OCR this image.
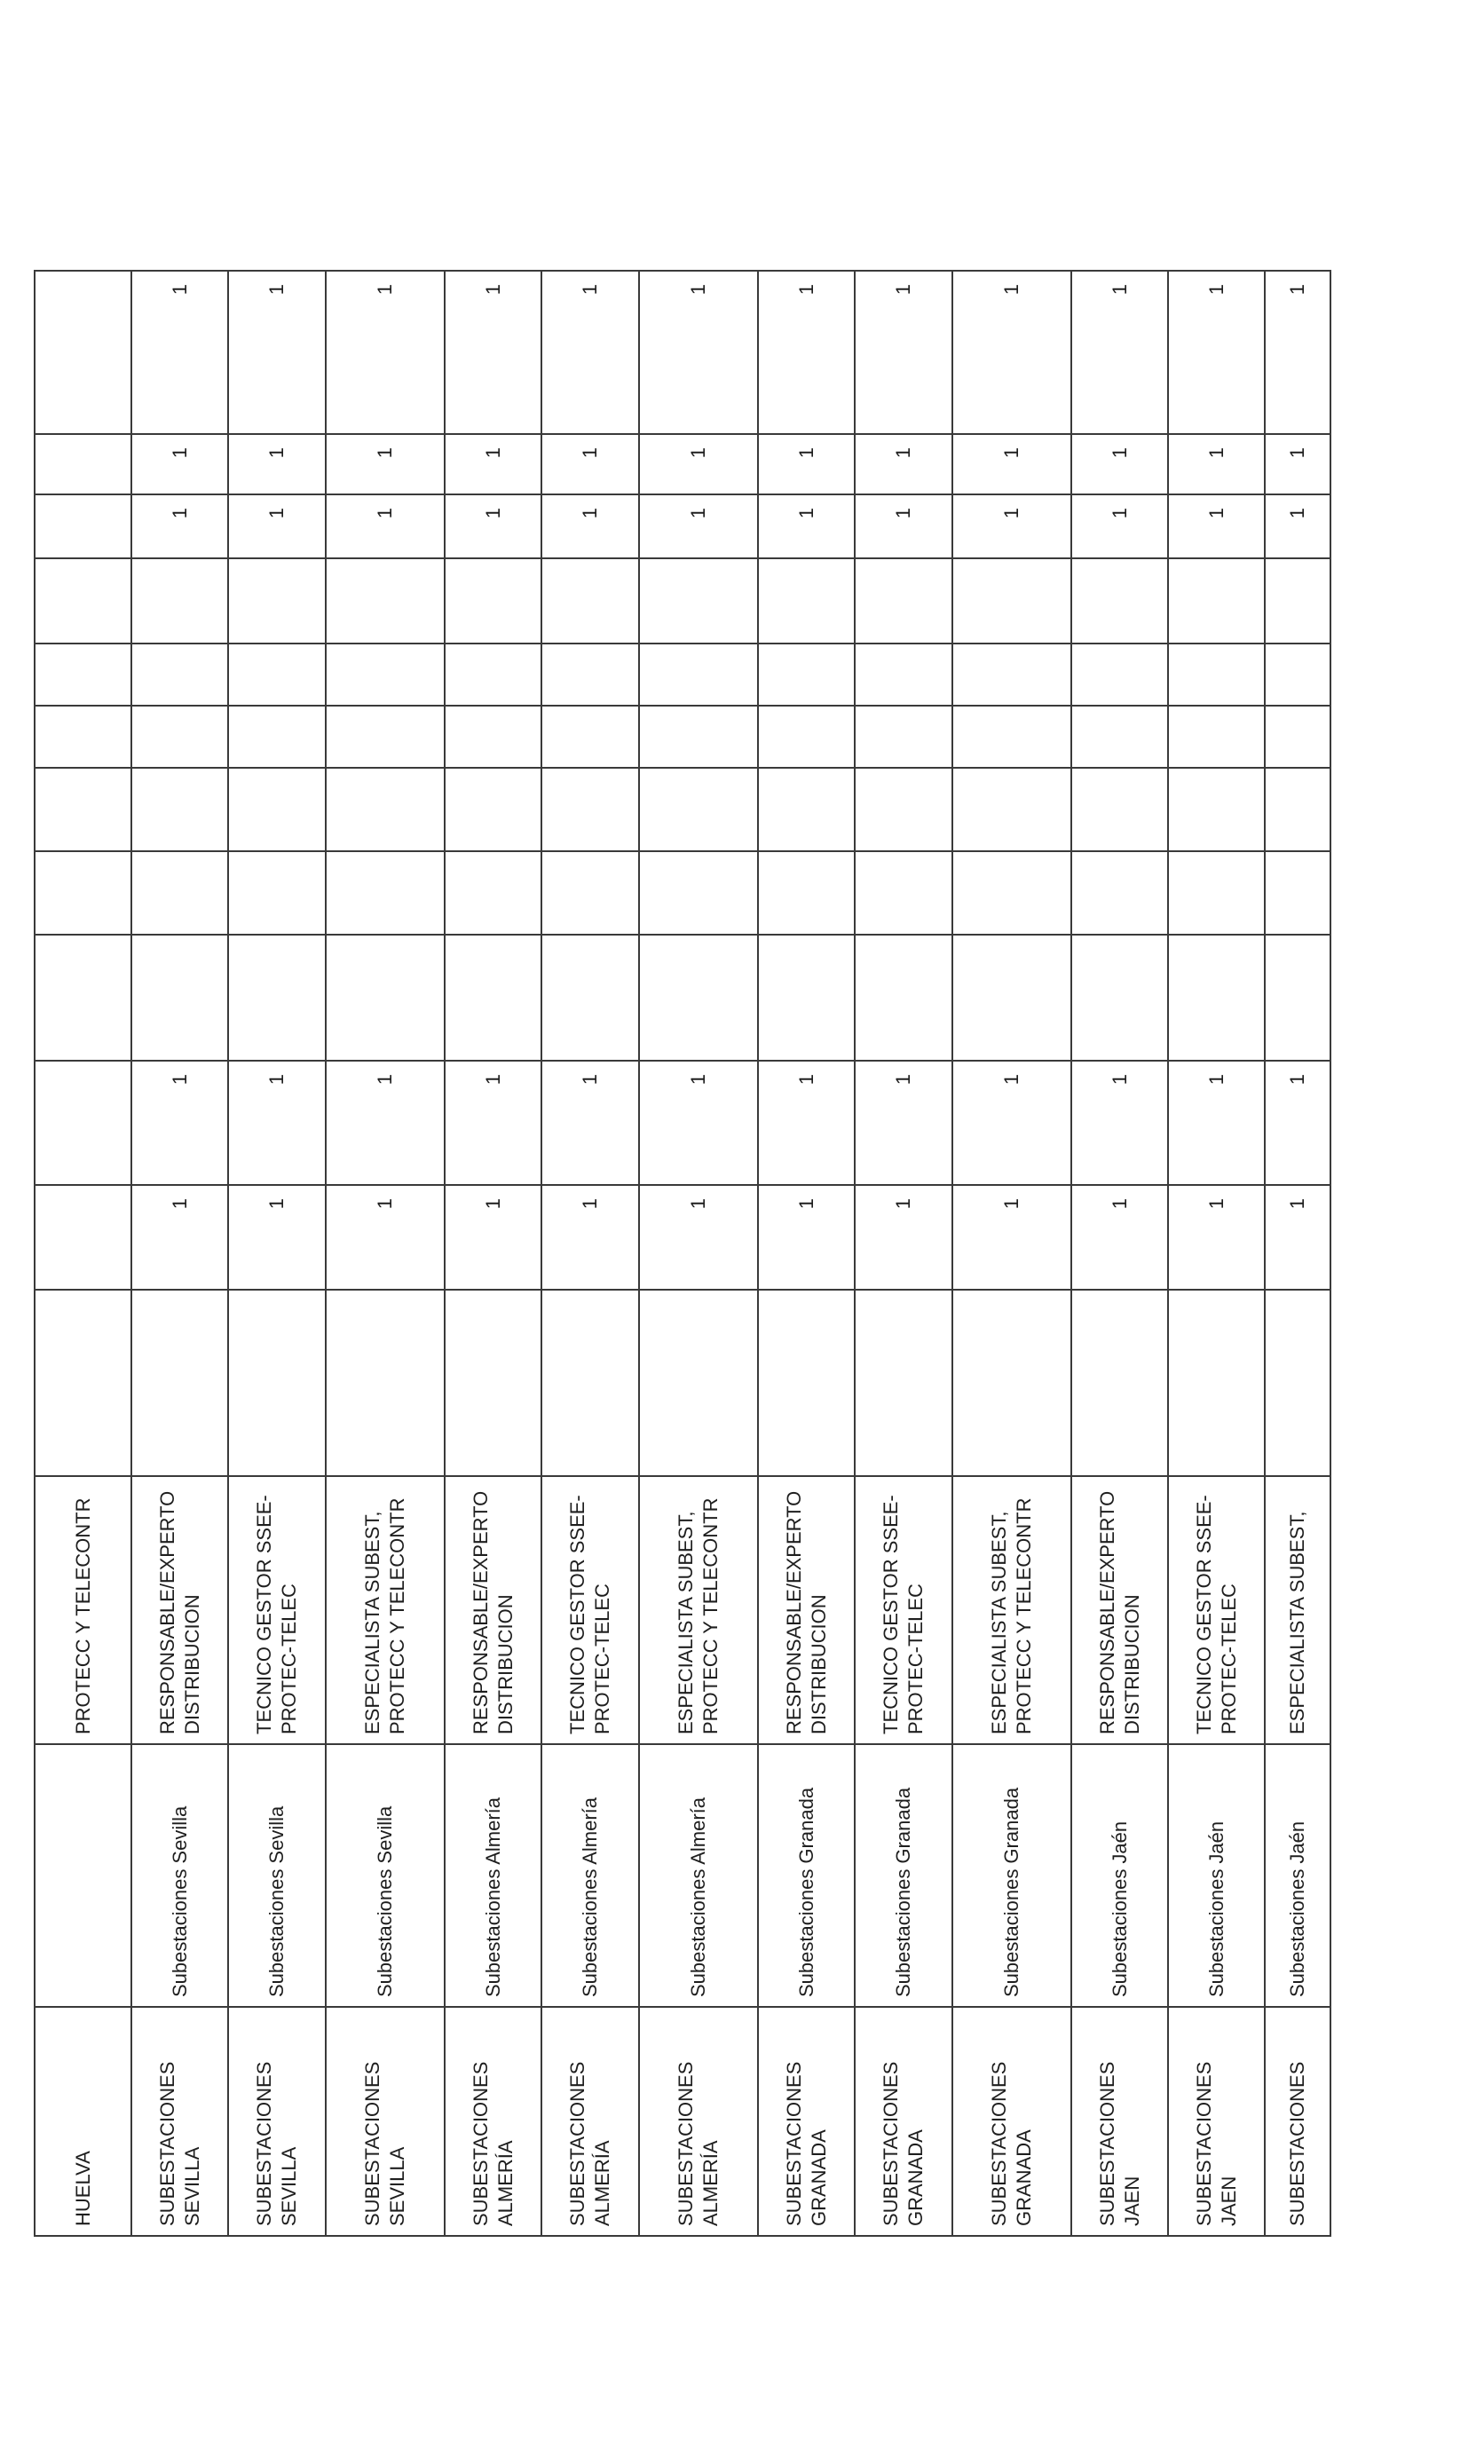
HUELVA		PROTECC Y TELECONTR												
SUBESTACIONES SEVILLA	Subestaciones Sevilla	RESPONSABLE/EXPERTO DISTRIBUCION		1	1							1	1	1
SUBESTACIONES SEVILLA	Subestaciones Sevilla	TECNICO GESTOR SSEE-PROTEC-TELEC		1	1							1	1	1
SUBESTACIONES SEVILLA	Subestaciones Sevilla	ESPECIALISTA SUBEST, PROTECC Y TELECONTR		1	1							1	1	1
SUBESTACIONES ALMERÍA	Subestaciones Almería	RESPONSABLE/EXPERTO DISTRIBUCION		1	1							1	1	1
SUBESTACIONES ALMERÍA	Subestaciones Almería	TECNICO GESTOR SSEE-PROTEC-TELEC		1	1							1	1	1
SUBESTACIONES ALMERÍA	Subestaciones Almería	ESPECIALISTA SUBEST, PROTECC Y TELECONTR		1	1							1	1	1
SUBESTACIONES GRANADA	Subestaciones Granada	RESPONSABLE/EXPERTO DISTRIBUCION		1	1							1	1	1
SUBESTACIONES GRANADA	Subestaciones Granada	TECNICO GESTOR SSEE-PROTEC-TELEC		1	1							1	1	1
SUBESTACIONES GRANADA	Subestaciones Granada	ESPECIALISTA SUBEST, PROTECC Y TELECONTR		1	1							1	1	1
SUBESTACIONES JAEN	Subestaciones Jaén	RESPONSABLE/EXPERTO DISTRIBUCION		1	1							1	1	1
SUBESTACIONES JAEN	Subestaciones Jaén	TECNICO GESTOR SSEE-PROTEC-TELEC		1	1							1	1	1
SUBESTACIONES	Subestaciones Jaén	ESPECIALISTA SUBEST,		1	1							1	1	1
